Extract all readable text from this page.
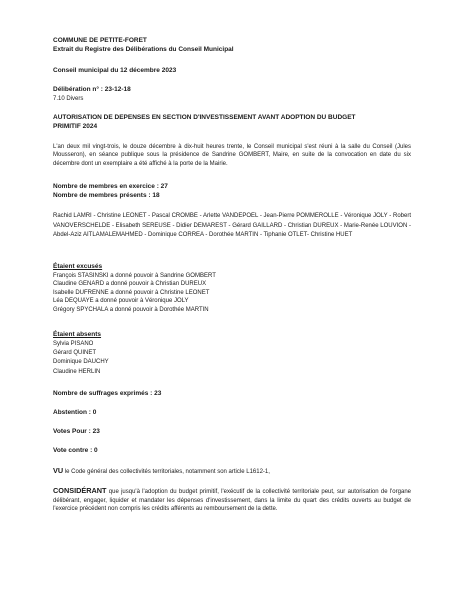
COMMUNE DE PETITE-FORET

Extrait du Registre des Délibérations du Conseil Municipal

Conseil municipal du 12 décembre 2023

Délibération n° : 23-12-18

7.10 Divers

AUTORISATION DE DEPENSES EN SECTION D'INVESTISSEMENT AVANT ADOPTION DU BUDGET PRIMITIF 2024

L'an deux mil vingt-trois, le douze décembre à dix-huit heures trente, le Conseil municipal s'est réuni à la salle du Conseil (Jules Mousseron), en séance publique sous la présidence de Sandrine GOMBERT, Maire, en suite de la convocation en date du six décembre dont un exemplaire a été affiché à la porte de la Mairie.

Nombre de membres en exercice : 27

Nombre de membres présents : 18

Rachid LAMRI - Christine LEONET - Pascal CROMBE - Arlette VANDEPOEL - Jean-Pierre POMMEROLLE - Véronique JOLY - Robert VANOVERSCHELDE - Elisabeth SEREUSE - Didier DEMAREST - Gérard GAILLARD - Christian DUREUX - Marie-Renée LOUVION - Abdel-Aziz AITLAMALEMAHMED - Dominique CORREA - Dorothée MARTIN - Tiphanie OTLET- Christine HUET

Étaient excusés

François STASINSKI a donné pouvoir à Sandrine GOMBERT

Claudine GENARD a donné pouvoir à Christian DUREUX

Isabelle DUFRENNE a donné pouvoir à Christine LEONET

Léa DEQUAYE a donné pouvoir à Véronique JOLY

Grégory SPYCHALA a donné pouvoir à Dorothée MARTIN

Étaient absents

Sylvia PISANO

Gérard QUINET

Dominique DAUCHY

Claudine HERLIN

Nombre de suffrages exprimés : 23

Abstention : 0

Votes Pour : 23

Vote contre : 0

VU le Code général des collectivités territoriales, notamment son article L1612-1,

CONSIDÉRANT que jusqu'à l'adoption du budget primitif, l'exécutif de la collectivité territoriale peut, sur autorisation de l'organe délibérant, engager, liquider et mandater les dépenses d'investissement, dans la limite du quart des crédits ouverts au budget de l'exercice précédent non compris les crédits afférents au remboursement de la dette.
